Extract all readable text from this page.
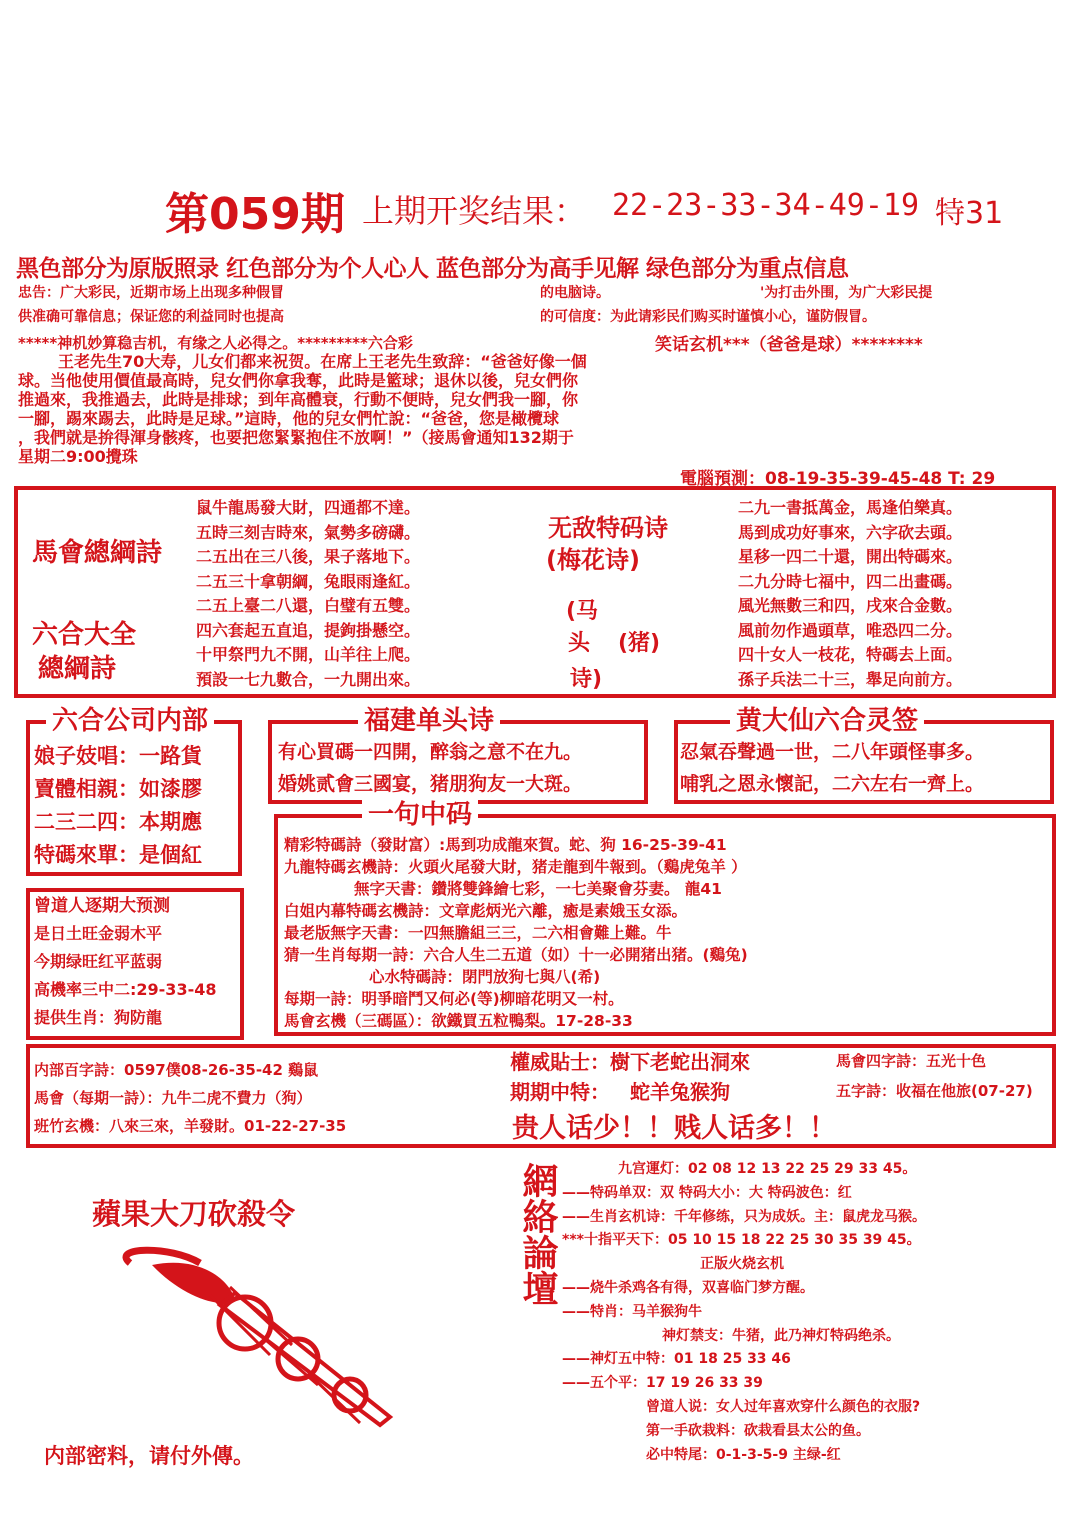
第059期 上期开奖结果： 22-23-33-34-49-19 特31
黑色部分为原版照录 红色部分为个人心人 蓝色部分为高手见解 绿色部分为重点信息
忠告：广大彩民，近期市场上出现多种假冒	的电脑诗。	'为打击外围，为广大彩民提
供准确可靠信息；保证您的利益同时也提高	的可信度：为此请彩民们购买时谨慎小心，谨防假冒。
*****神机妙算稳吉机，有缘之人必得之。*********六合彩	笑话玄机***（爸爸是球）********
王老先生70大寿，儿女们都来祝贺。在席上王老先生致辞：“爸爸好像一個
球。当他使用價值最高時，兒女們你拿我奪，此時是籃球；退休以後，兒女們你
推過來，我推過去，此時是排球；到年高體衰，行動不便時，兒女們我一腳，你
一腳，踢來踢去，此時是足球。”這時，他的兒女們忙說：“爸爸，您是橄欖球
，我們就是拚得渾身骸疼，也要把您緊緊抱住不放啊！”（接馬會通知132期于
星期二9:00攪珠
電腦預測：08-19-35-39-45-48 T: 29
馬會總綱詩
六合大全
總綱詩
鼠牛龍馬發大財，四通都不達。
五時三刻吉時來，氣勢多磅礴。
二五出在三八後，果子落地下。
二五三十拿朝綱，兔眼雨逢紅。
二五上臺二八還，白璧有五雙。
四六套起五直追，提鉤掛懸空。
十甲祭門九不開，山羊往上爬。
預設一七九數合，一九開出來。
无敌特码诗
(梅花诗)
(马
头 (猪)
诗)
二九一書抵萬金，馬逢伯樂真。
馬到成功好事來，六字砍去頭。
星移一四二十還，開出特碼來。
二九分時七福中，四二出畫碼。
風光無數三和四，戌來合金數。
風前勿作過頭草，唯恐四二分。
四十女人一枝花，特碼去上面。
孫子兵法二十三，舉足向前方。
六合公司内部
娘子妓唱：一路貨
賣體相親：如漆膠
二三二四：本期應
特碼來單：是個紅
福建单头诗
有心買碼一四開，醉翁之意不在九。
婚姚贰會三國宴，猪朋狗友一大斑。
黄大仙六合灵签
忍氣吞聲過一世，二八年頭怪事多。
哺乳之恩永懷記，二六左右一齊上。
一句中码
精彩特碼詩（發財富）:馬到功成龍來賀。蛇、狗 16-25-39-41
九龍特碼玄機詩：火頭火尾發大財，猪走龍到牛報到。（鷄虎兔羊 ）
無字天書：鑽將雙鋒繪七彩，一七美聚會芬妻。 龍41
白姐内幕特碼玄機詩：文章彪炳光六離，癒是素娥玉女添。
最老版無字天書：一四無膽組三三，二六相會難上難。牛
猜一生肖每期一詩：六合人生二五道（如）十一必開猪出猪。(鷄兔)
心水特碼詩：閉門放狗七與八(希)
每期一詩：明爭暗鬥又何必(等)柳暗花明又一村。
馬會玄機（三碼區）：欲鐵買五粒鴨梨。17-28-33
曾道人逐期大预测
是日土旺金弱木平
今期绿旺红平蓝弱
高機率三中二:29-33-48
提供生肖：狗防龍
内部百字詩：0597僕08-26-35-42 鷄鼠
馬會（每期一詩）：九牛二虎不費力（狗）
班竹玄機：八來三來，羊發財。01-22-27-35
權威貼士：樹下老蛇出洞來	馬會四字詩：五光十色
期期中特： 蛇羊兔猴狗	五字詩：收福在他旅(07-27)
贵人话少！！贱人话多！！
蘋果大刀砍殺令
内部密料，请付外傳。
網絡論壇	九宫運灯：02 08 12 13 22 25 29 33 45。
——特码单双：双 特码大小：大 特码波色：红
——生肖玄机诗：千年修练，只为成妖。主：鼠虎龙马猴。
***十指平天下：05 10 15 18 22 25 30 35 39 45。
正版火烧玄机
——烧牛杀鸡各有得，双喜临门梦方醒。
——特肖：马羊猴狗牛
神灯禁支：牛猪，此乃神灯特码绝杀。
——神灯五中特：01 18 25 33 46
——五个平：17 19 26 33 39
曾道人说：女人过年喜欢穿什么颜色的衣服?
第一手砍栽料：砍栽看县太公的鱼。
必中特尾：0-1-3-5-9 主绿-红
